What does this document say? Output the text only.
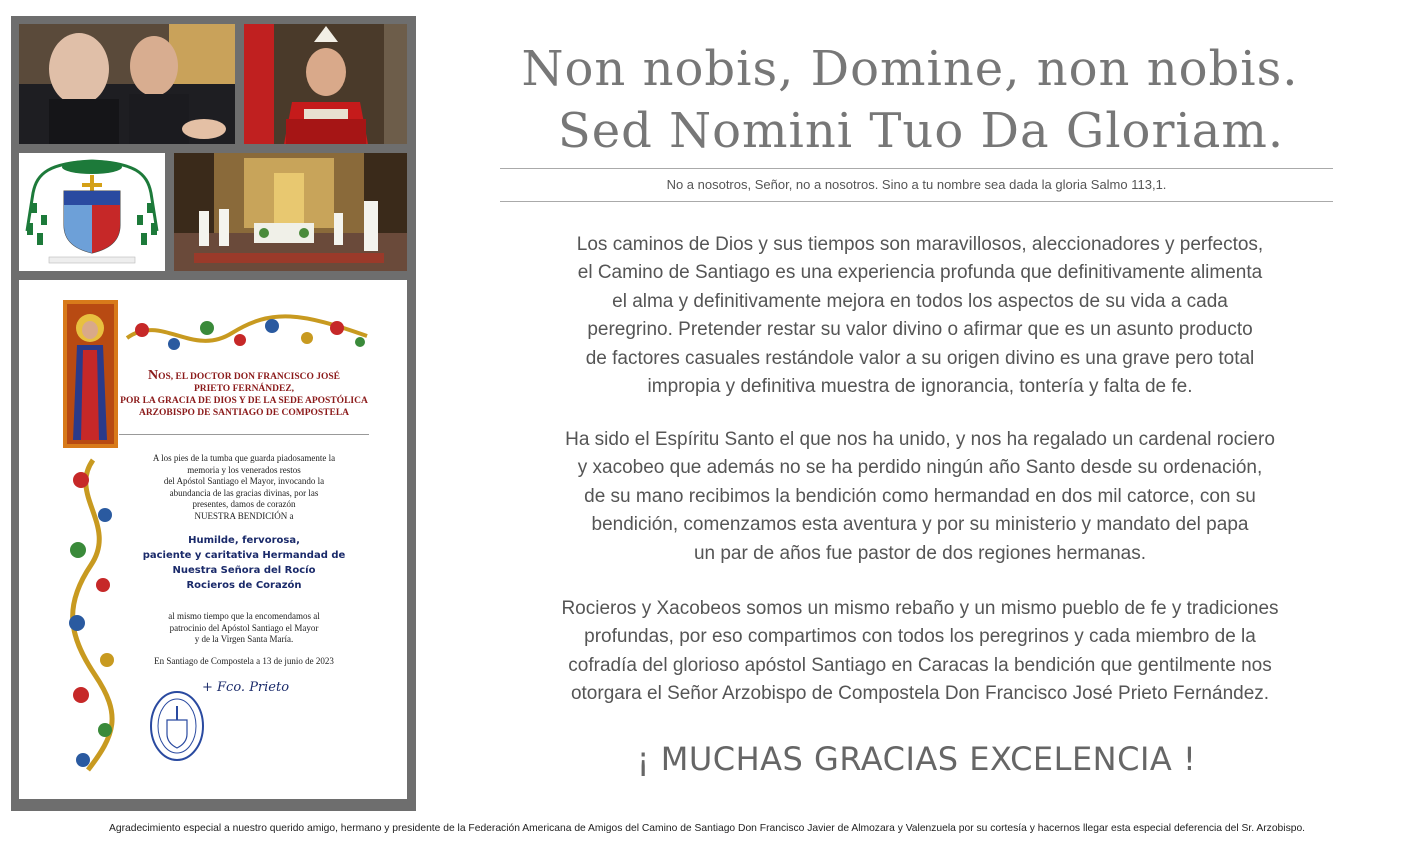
NOS, EL DOCTOR DON FRANCISCO JOSÉ
PRIETO FERNÁNDEZ,
POR LA GRACIA DE DIOS Y DE LA SEDE APOSTÓLICA
ARZOBISPO DE SANTIAGO DE COMPOSTELA
A los pies de la tumba que guarda piadosamente la
memoria y los venerados restos
del Apóstol Santiago el Mayor, invocando la
abundancia de las gracias divinas, por las
presentes, damos de corazón
NUESTRA BENDICIÓN a
Humilde, fervorosa,
paciente y caritativa Hermandad de
Nuestra Señora del Rocío
Rocieros de Corazón
al mismo tiempo que la encomendamos al
patrocinio del Apóstol Santiago el Mayor
y de la Virgen Santa María.
En Santiago de Compostela a 13 de junio de 2023
+ Fco. Prieto
Non nobis, Domine, non nobis.
Sed Nomini Tuo Da Gloriam.
No a nosotros, Señor, no a nosotros. Sino a tu nombre sea dada la gloria Salmo 113,1.
Los caminos de Dios y sus tiempos son maravillosos, aleccionadores y perfectos,
el Camino de Santiago es una experiencia profunda que definitivamente alimenta
el alma y definitivamente mejora en todos los aspectos de su vida a cada
peregrino. Pretender restar su valor divino o afirmar que es un asunto producto
de factores casuales restándole valor a su origen divino es una grave pero total
impropia y definitiva muestra de ignorancia, tontería y falta de fe.
Ha sido el Espíritu Santo el que nos ha unido, y nos ha regalado un cardenal rociero
y xacobeo que además no se ha perdido ningún año Santo desde su ordenación,
de su mano recibimos la bendición como hermandad en dos mil catorce, con su
bendición, comenzamos esta aventura y por su ministerio y mandato del papa
un par de años fue pastor de dos regiones hermanas.
Rocieros y Xacobeos somos un mismo rebaño y un mismo pueblo de fe y tradiciones
profundas, por eso compartimos con todos los peregrinos y cada miembro de la
cofradía del glorioso apóstol Santiago en Caracas la bendición que gentilmente nos
otorgara el Señor Arzobispo de Compostela Don Francisco José Prieto Fernández.
¡ MUCHAS GRACIAS EXCELENCIA !
Agradecimiento especial a nuestro querido amigo, hermano y presidente de la Federación Americana de Amigos del Camino de Santiago Don Francisco Javier de Almozara y Valenzuela por su cortesía y hacernos llegar esta especial deferencia del Sr. Arzobispo.
